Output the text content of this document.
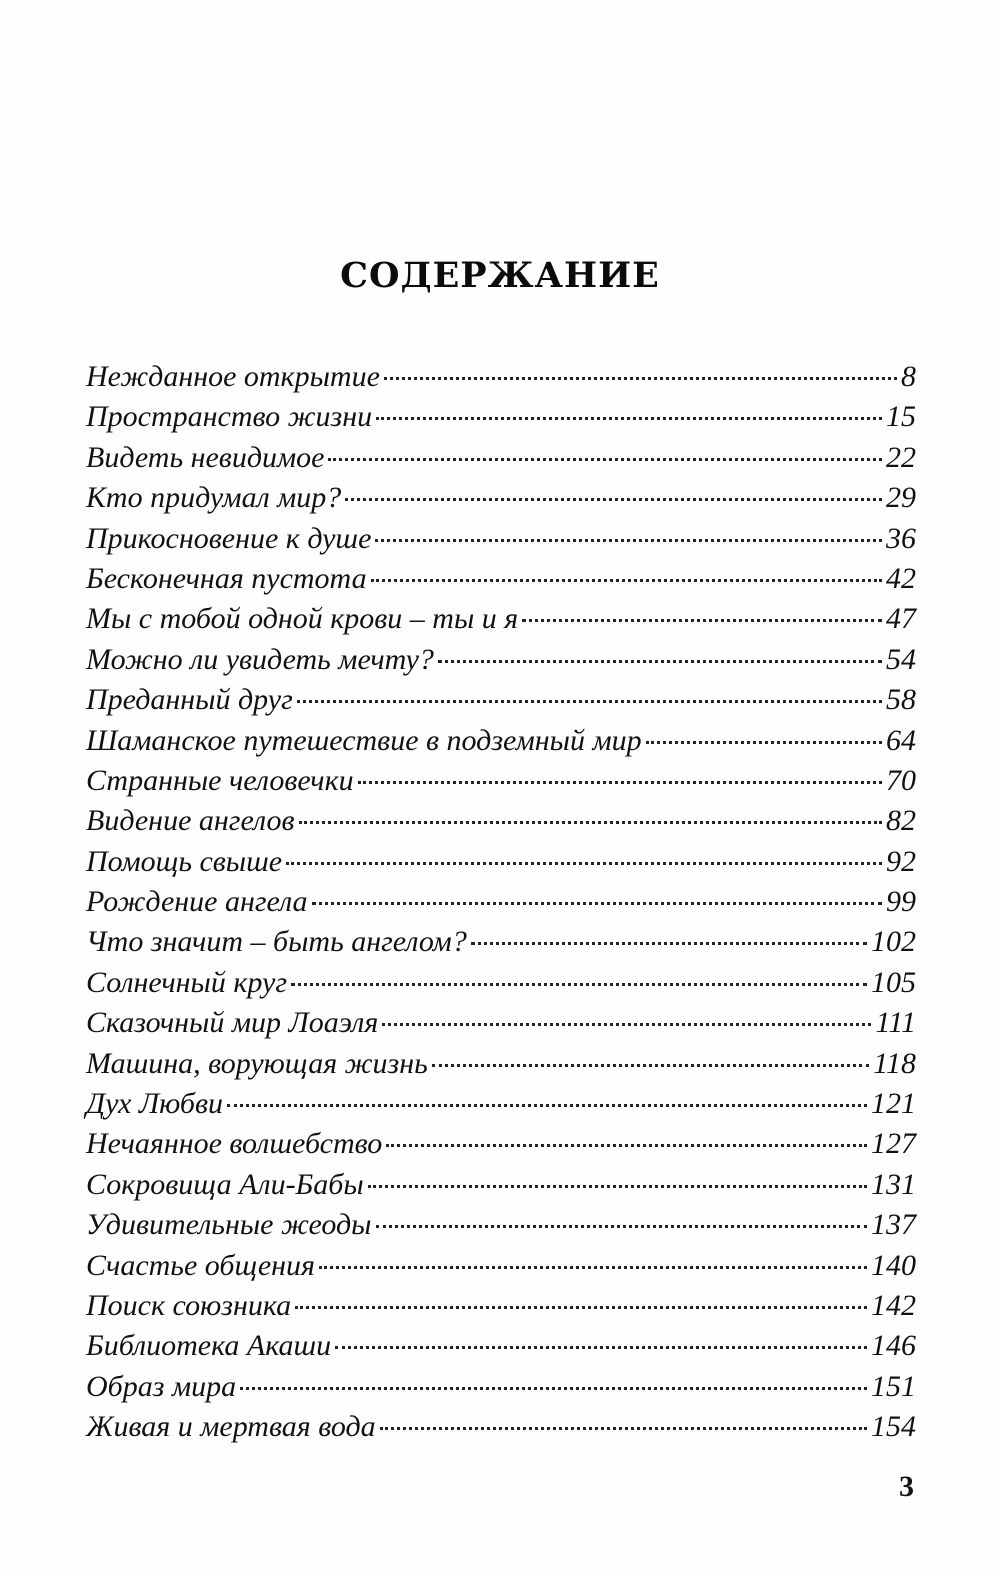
содержание
Нежданное открытие	8
Пространство жизни	15
Видеть невидимое	22
Кто придумал мир?	29
Прикосновение к душе	36
Бесконечная пустота	42
Мы с тобой одной крови – ты и я	47
Можно ли увидеть мечту?	54
Преданный друг	58
Шаманское путешествие в подземный мир	64
Странные человечки	70
Видение ангелов	82
Помощь свыше	92
Рождение ангела	99
Что значит – быть ангелом?	102
Солнечный круг	105
Сказочный мир Лоаэля	111
Машина, ворующая жизнь	118
Дух Любви	121
Нечаянное волшебство	127
Сокровища Али-Бабы	131
Удивительные жеоды	137
Счастье общения	140
Поиск союзника	142
Библиотека Акаши	146
Образ мира	151
Живая и мертвая вода	154
3
